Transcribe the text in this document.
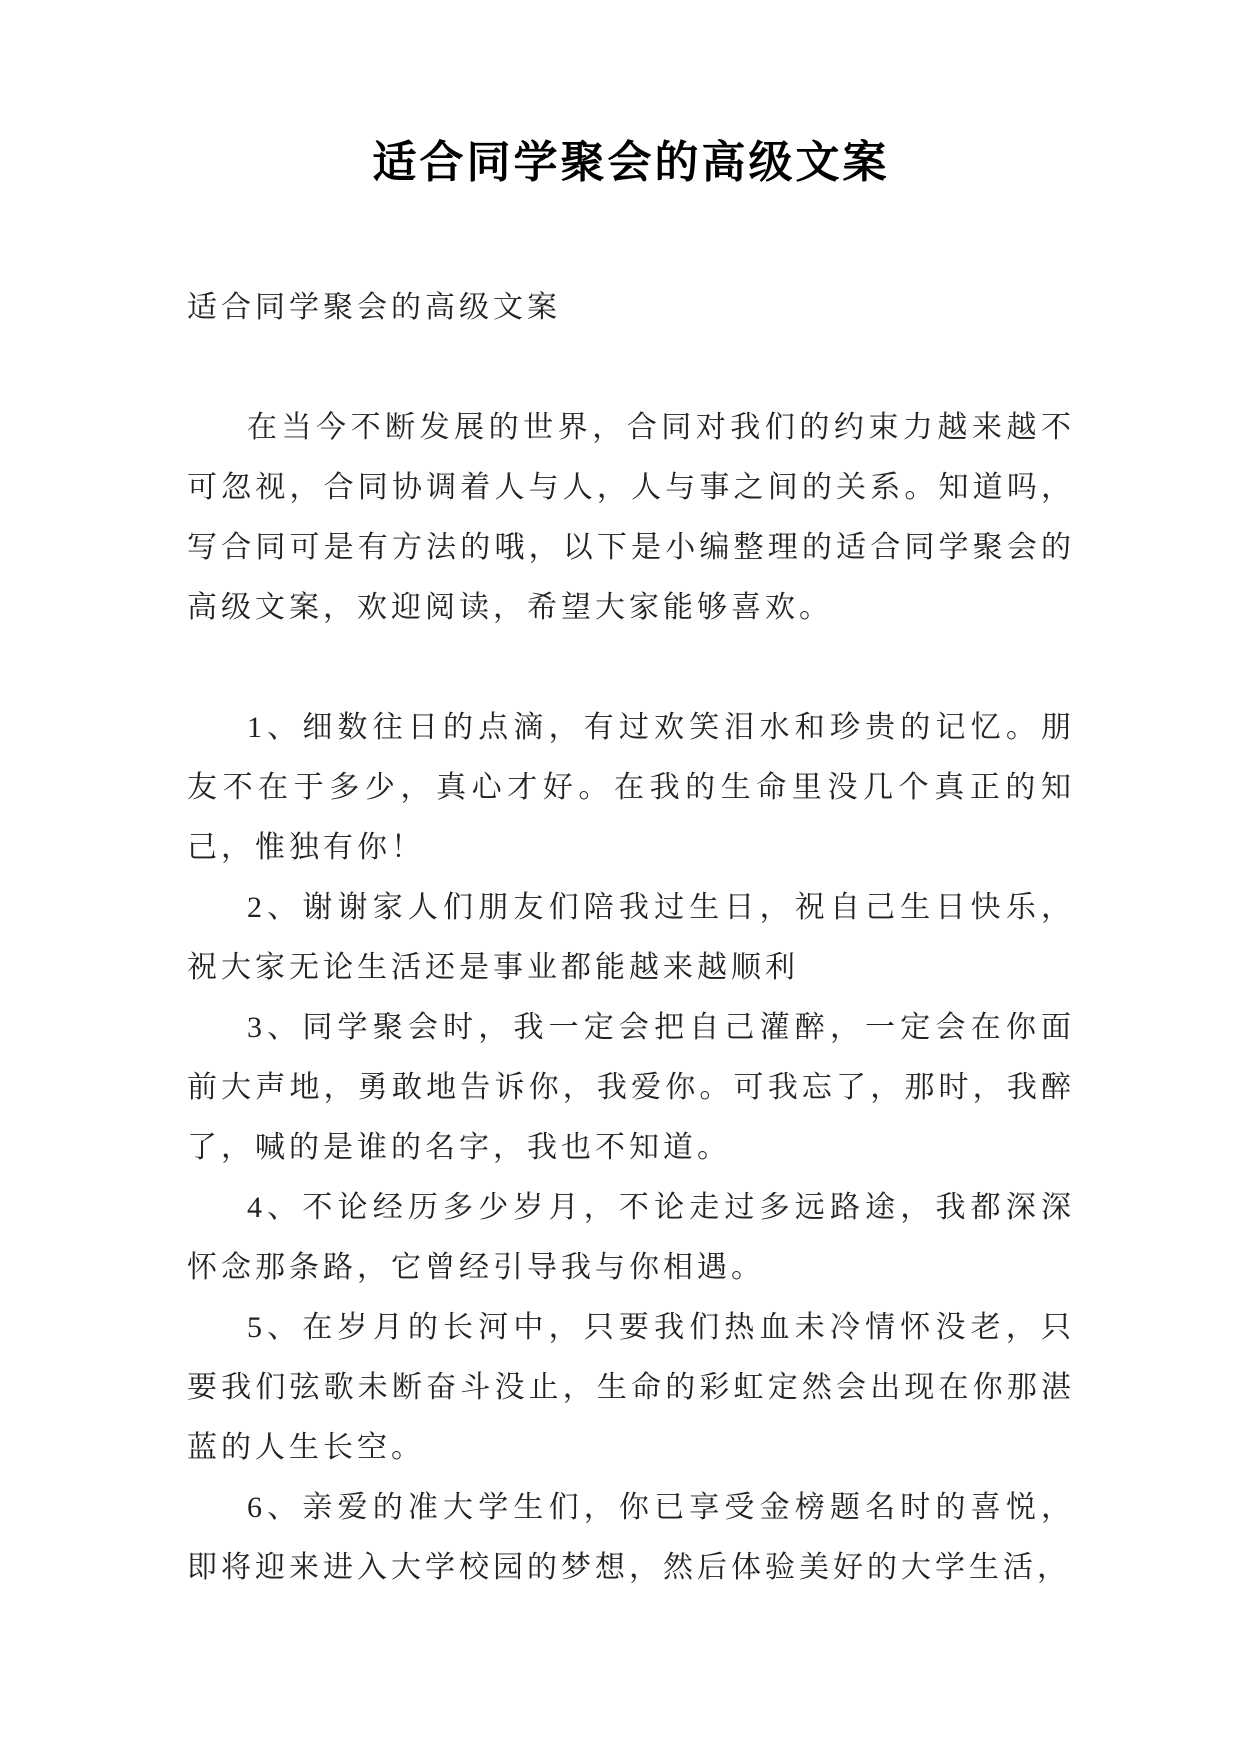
适合同学聚会的高级文案

适合同学聚会的高级文案

在当今不断发展的世界，合同对我们的约束力越来越不可忽视，合同协调着人与人，人与事之间的关系。知道吗，写合同可是有方法的哦，以下是小编整理的适合同学聚会的高级文案，欢迎阅读，希望大家能够喜欢。

1、细数往日的点滴，有过欢笑泪水和珍贵的记忆。朋友不在于多少，真心才好。在我的生命里没几个真正的知己，惟独有你！

2、谢谢家人们朋友们陪我过生日，祝自己生日快乐，祝大家无论生活还是事业都能越来越顺利

3、同学聚会时，我一定会把自己灌醉，一定会在你面前大声地，勇敢地告诉你，我爱你。可我忘了，那时，我醉了，喊的是谁的名字，我也不知道。

4、不论经历多少岁月，不论走过多远路途，我都深深怀念那条路，它曾经引导我与你相遇。

5、在岁月的长河中，只要我们热血未冷情怀没老，只要我们弦歌未断奋斗没止，生命的彩虹定然会出现在你那湛蓝的人生长空。

6、亲爱的准大学生们，你已享受金榜题名时的喜悦，即将迎来进入大学校园的梦想，然后体验美好的大学生活，
